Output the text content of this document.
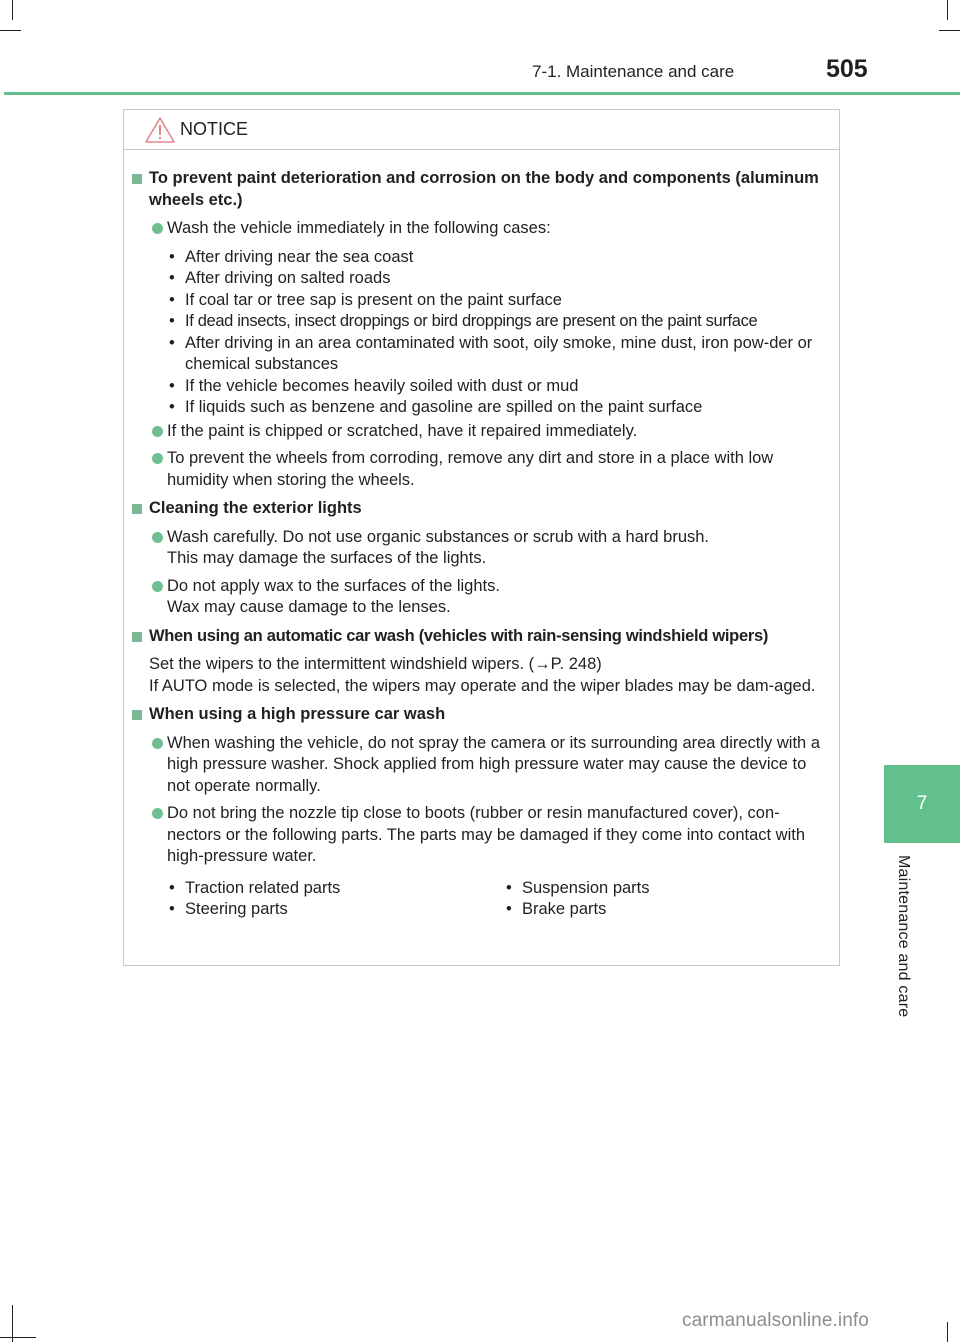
7-1. Maintenance and care	505
7
Maintenance and care
NOTICE
To prevent paint deterioration and corrosion on the body and components (aluminum wheels etc.)
Wash the vehicle immediately in the following cases:
• After driving near the sea coast
• After driving on salted roads
• If coal tar or tree sap is present on the paint surface
• If dead insects, insect droppings or bird droppings are present on the paint surface
• After driving in an area contaminated with soot, oily smoke, mine dust, iron pow-der or chemical substances
• If the vehicle becomes heavily soiled with dust or mud
• If liquids such as benzene and gasoline are spilled on the paint surface
If the paint is chipped or scratched, have it repaired immediately.
To prevent the wheels from corroding, remove any dirt and store in a place with low humidity when storing the wheels.
Cleaning the exterior lights
Wash carefully. Do not use organic substances or scrub with a hard brush.
This may damage the surfaces of the lights.
Do not apply wax to the surfaces of the lights.
Wax may cause damage to the lenses.
When using an automatic car wash (vehicles with rain-sensing windshield wipers)
Set the wipers to the intermittent windshield wipers. (→P. 248)
If AUTO mode is selected, the wipers may operate and the wiper blades may be dam-aged.
When using a high pressure car wash
When washing the vehicle, do not spray the camera or its surrounding area directly with a high pressure washer. Shock applied from high pressure water may cause the device to not operate normally.
Do not bring the nozzle tip close to boots (rubber or resin manufactured cover), con-nectors or the following parts. The parts may be damaged if they come into contact with high-pressure water.
• Traction related parts
• Steering parts
• Suspension parts
• Brake parts
carmanualsonline.info
